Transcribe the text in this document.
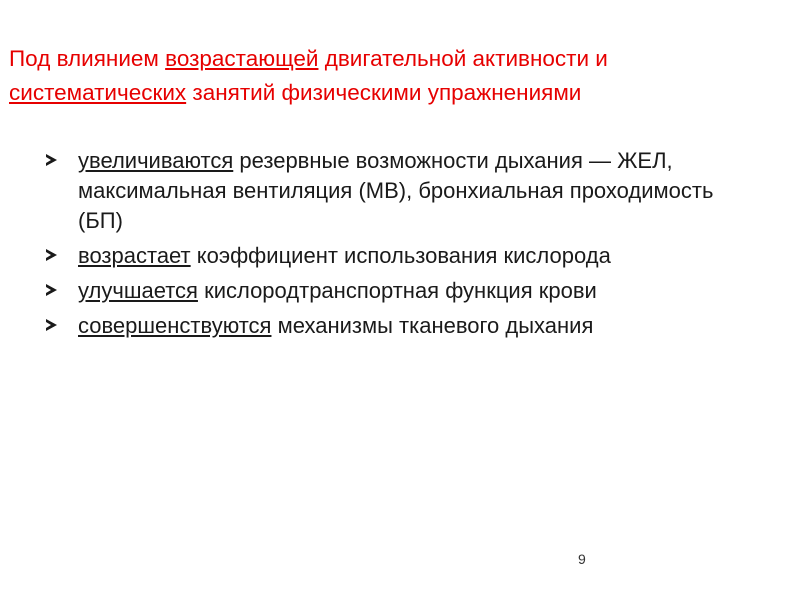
Под влиянием возрастающей двигательной активности и систематических занятий физическими упражнениями
увеличиваются резервные возможности дыхания — ЖЕЛ, максимальная вентиляция (МВ), бронхиальная проходимость (БП)
возрастает коэффициент использования кислорода
улучшается кислородтранспортная функция крови
совершенствуются механизмы тканевого дыхания
9
